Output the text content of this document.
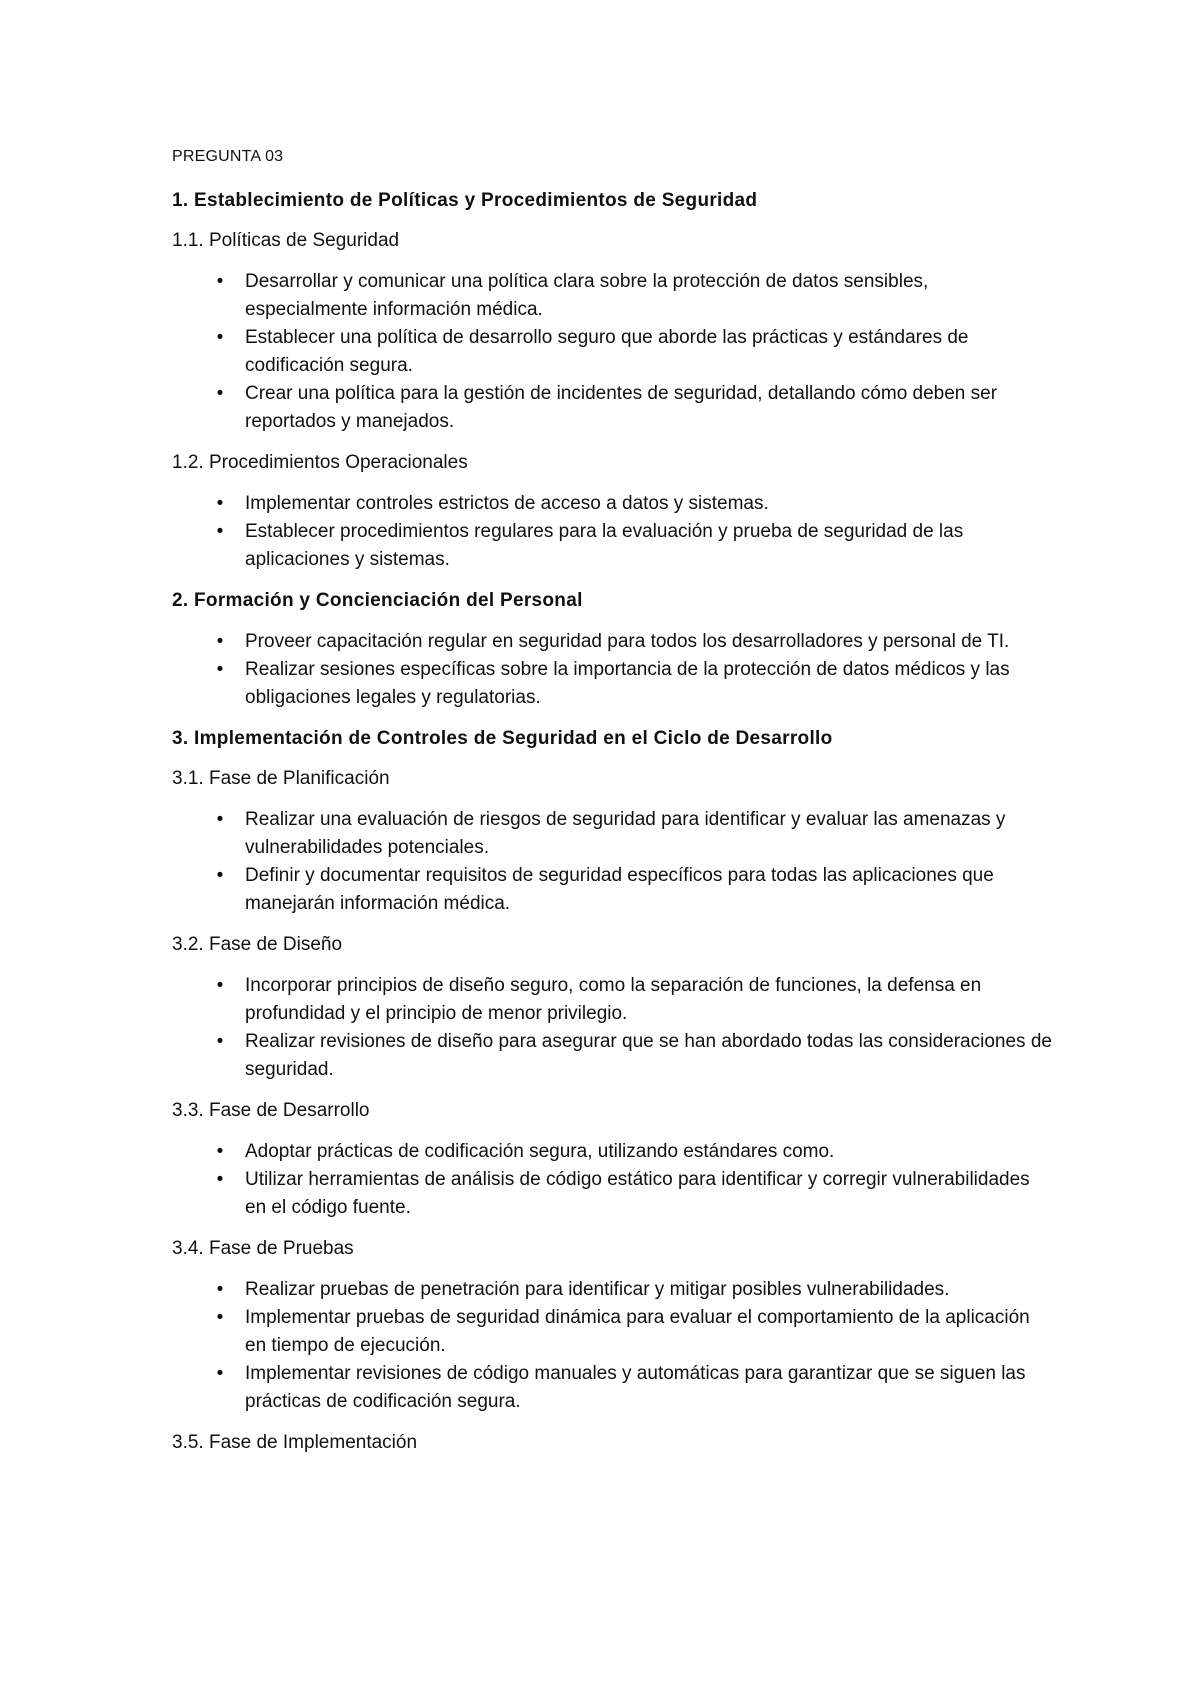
PREGUNTA 03
1. Establecimiento de Políticas y Procedimientos de Seguridad
1.1. Políticas de Seguridad
• Desarrollar y comunicar una política clara sobre la protección de datos sensibles, especialmente información médica.
• Establecer una política de desarrollo seguro que aborde las prácticas y estándares de codificación segura.
• Crear una política para la gestión de incidentes de seguridad, detallando cómo deben ser reportados y manejados.
1.2. Procedimientos Operacionales
• Implementar controles estrictos de acceso a datos y sistemas.
• Establecer procedimientos regulares para la evaluación y prueba de seguridad de las aplicaciones y sistemas.
2. Formación y Concienciación del Personal
• Proveer capacitación regular en seguridad para todos los desarrolladores y personal de TI.
• Realizar sesiones específicas sobre la importancia de la protección de datos médicos y las obligaciones legales y regulatorias.
3. Implementación de Controles de Seguridad en el Ciclo de Desarrollo
3.1. Fase de Planificación
• Realizar una evaluación de riesgos de seguridad para identificar y evaluar las amenazas y vulnerabilidades potenciales.
• Definir y documentar requisitos de seguridad específicos para todas las aplicaciones que manejarán información médica.
3.2. Fase de Diseño
• Incorporar principios de diseño seguro, como la separación de funciones, la defensa en profundidad y el principio de menor privilegio.
• Realizar revisiones de diseño para asegurar que se han abordado todas las consideraciones de seguridad.
3.3. Fase de Desarrollo
• Adoptar prácticas de codificación segura, utilizando estándares como.
• Utilizar herramientas de análisis de código estático para identificar y corregir vulnerabilidades en el código fuente.
3.4. Fase de Pruebas
• Realizar pruebas de penetración para identificar y mitigar posibles vulnerabilidades.
• Implementar pruebas de seguridad dinámica para evaluar el comportamiento de la aplicación en tiempo de ejecución.
• Implementar revisiones de código manuales y automáticas para garantizar que se siguen las prácticas de codificación segura.
3.5. Fase de Implementación
